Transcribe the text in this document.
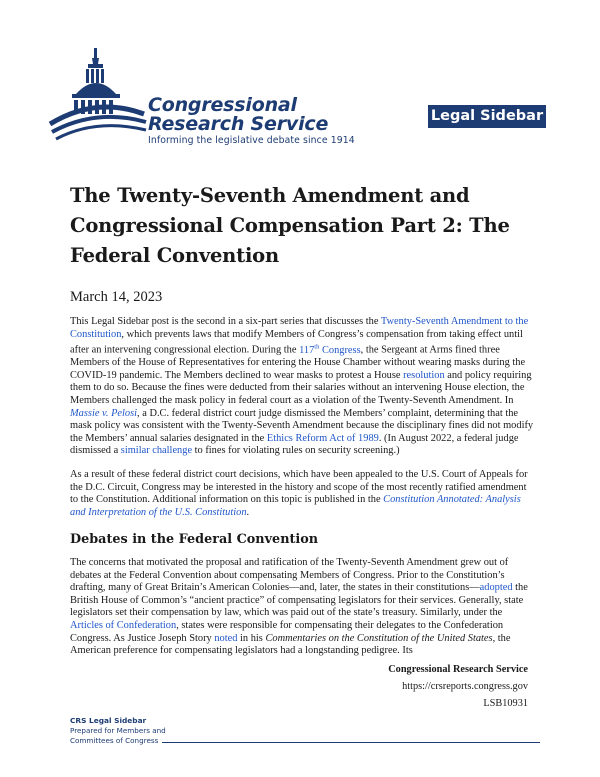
Congressional
Research Service
Informing the legislative debate since 1914
Legal Sidebar
The Twenty-Seventh Amendment and Congressional Compensation Part 2: The Federal Convention
March 14, 2023

This Legal Sidebar post is the second in a six-part series that discusses the Twenty-Seventh Amendment to the Constitution, which prevents laws that modify Members of Congress’s compensation from taking effect until after an intervening congressional election. During the 117th Congress, the Sergeant at Arms fined three Members of the House of Representatives for entering the House Chamber without wearing masks during the COVID-19 pandemic. The Members declined to wear masks to protest a House resolution and policy requiring them to do so. Because the fines were deducted from their salaries without an intervening House election, the Members challenged the mask policy in federal court as a violation of the Twenty-Seventh Amendment. In Massie v. Pelosi, a D.C. federal district court judge dismissed the Members’ complaint, determining that the mask policy was consistent with the Twenty-Seventh Amendment because the disciplinary fines did not modify the Members’ annual salaries designated in the Ethics Reform Act of 1989. (In August 2022, a federal judge dismissed a similar challenge to fines for violating rules on security screening.)

As a result of these federal district court decisions, which have been appealed to the U.S. Court of Appeals for the D.C. Circuit, Congress may be interested in the history and scope of the most recently ratified amendment to the Constitution. Additional information on this topic is published in the Constitution Annotated: Analysis and Interpretation of the U.S. Constitution.

Debates in the Federal Convention

The concerns that motivated the proposal and ratification of the Twenty-Seventh Amendment grew out of debates at the Federal Convention about compensating Members of Congress. Prior to the Constitution’s drafting, many of Great Britain’s American Colonies—and, later, the states in their constitutions—adopted the British House of Common’s “ancient practice” of compensating legislators for their services. Generally, state legislators set their compensation by law, which was paid out of the state’s treasury. Similarly, under the Articles of Confederation, states were responsible for compensating their delegates to the Confederation Congress. As Justice Joseph Story noted in his Commentaries on the Constitution of the United States, the American preference for compensating legislators had a longstanding pedigree. Its

Congressional Research Service
https://crsreports.congress.gov
LSB10931
CRS Legal Sidebar
Prepared for Members and
Committees of Congress
